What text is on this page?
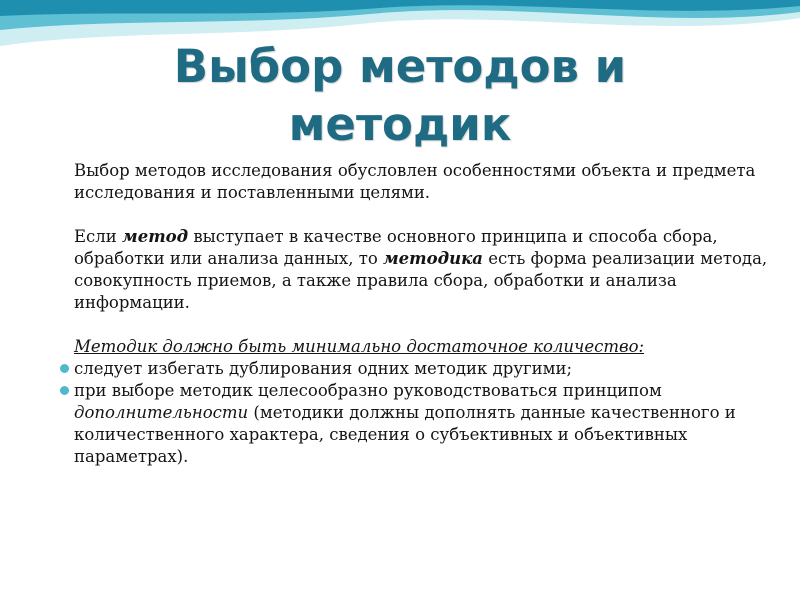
Выбор методов и методик

Выбор методов исследования обусловлен особенностями объекта и предмета исследования и поставленными целями.

Если метод выступает в качестве основного принципа и способа сбора, обработки или анализа данных, то методика есть форма реализации метода, совокупность приемов, а также правила сбора, обработки и анализа информации.

Методик должно быть минимально достаточное количество:

следует избегать дублирования одних методик другими;

при выборе методик целесообразно руководствоваться принципом дополнительности (методики должны дополнять данные качественного и количественного характера, сведения о субъективных и объективных параметрах).
